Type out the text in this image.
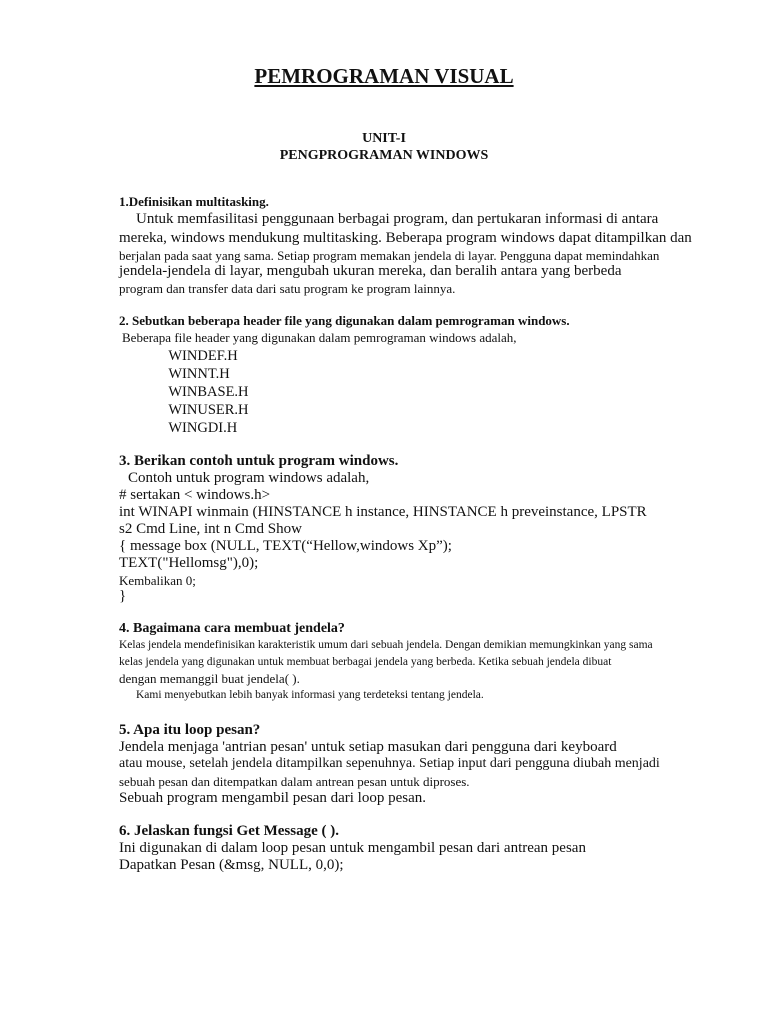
PEMROGRAMAN VISUAL
UNIT-I
PENGPROGRAMAN WINDOWS
1.Definisikan multitasking.
Untuk memfasilitasi penggunaan berbagai program, dan pertukaran informasi di antara
mereka, windows mendukung multitasking. Beberapa program windows dapat ditampilkan dan
berjalan pada saat yang sama. Setiap program memakan jendela di layar. Pengguna dapat memindahkan
jendela-jendela di layar, mengubah ukuran mereka, dan beralih antara yang berbeda
program dan transfer data dari satu program ke program lainnya.
2. Sebutkan beberapa header file yang digunakan dalam pemrograman windows.
Beberapa file header yang digunakan dalam pemrograman windows adalah,
WINDEF.H
WINNT.H
WINBASE.H
WINUSER.H
WINGDI.H
3. Berikan contoh untuk program windows.
Contoh untuk program windows adalah,
# sertakan < windows.h>
int WINAPI winmain (HINSTANCE h instance, HINSTANCE h preveinstance, LPSTR
s2 Cmd Line, int n Cmd Show
{ message box (NULL, TEXT(“Hellow,windows Xp”);
TEXT("Hellomsg"),0);
Kembalikan 0;
}
4. Bagaimana cara membuat jendela?
Kelas jendela mendefinisikan karakteristik umum dari sebuah jendela. Dengan demikian memungkinkan yang sama
kelas jendela yang digunakan untuk membuat berbagai jendela yang berbeda. Ketika sebuah jendela dibuat
dengan memanggil buat jendela( ).
Kami menyebutkan lebih banyak informasi yang terdeteksi tentang jendela.
5. Apa itu loop pesan?
Jendela menjaga 'antrian pesan' untuk setiap masukan dari pengguna dari keyboard
atau mouse, setelah jendela ditampilkan sepenuhnya. Setiap input dari pengguna diubah menjadi
sebuah pesan dan ditempatkan dalam antrean pesan untuk diproses.
Sebuah program mengambil pesan dari loop pesan.
6. Jelaskan fungsi Get Message ( ).
Ini digunakan di dalam loop pesan untuk mengambil pesan dari antrean pesan
Dapatkan Pesan (&msg, NULL, 0,0);
